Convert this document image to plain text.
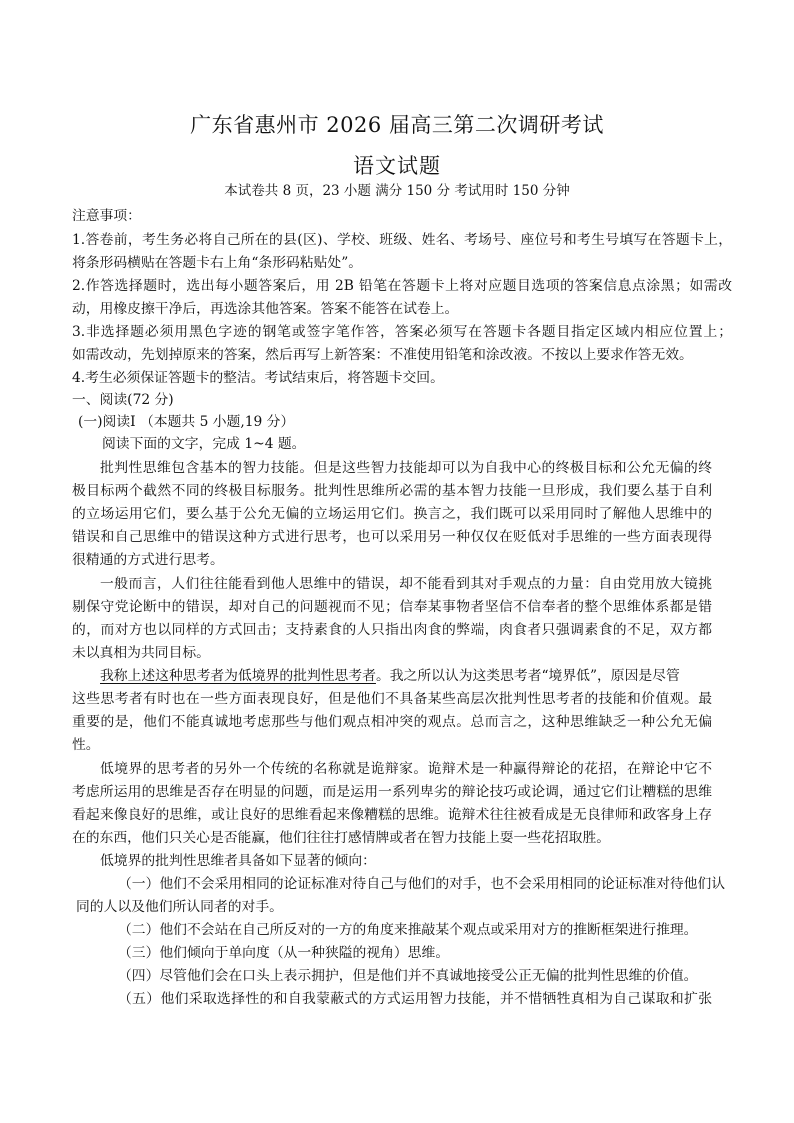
广东省惠州市 2026 届高三第二次调研考试
语文试题
本试卷共 8 页，23 小题 满分 150 分 考试用时 150 分钟
注意事项：
1.答卷前，考生务必将自己所在的县(区)、学校、班级、姓名、考场号、座位号和考生号填写在答题卡上，
将条形码横贴在答题卡右上角“条形码粘贴处”。
2.作答选择题时，选出每小题答案后，用 2B 铅笔在答题卡上将对应题目选项的答案信息点涂黑；如需改
动，用橡皮擦干净后，再选涂其他答案。答案不能答在试卷上。
3.非选择题必须用黑色字迹的钢笔或签字笔作答，答案必须写在答题卡各题目指定区域内相应位置上；
如需改动，先划掉原来的答案，然后再写上新答案：不准使用铅笔和涂改液。不按以上要求作答无效。
4.考生必须保证答题卡的整洁。考试结束后，将答题卡交回。
一、阅读(72 分)
(一)阅读Ⅰ （本题共 5 小题,19 分）
阅读下面的文字，完成 1~4 题。
批判性思维包含基本的智力技能。但是这些智力技能却可以为自我中心的终极目标和公允无偏的终
极目标两个截然不同的终极目标服务。批判性思维所必需的基本智力技能一旦形成，我们要么基于自利
的立场运用它们，要么基于公允无偏的立场运用它们。换言之，我们既可以采用同时了解他人思维中的
错误和自己思维中的错误这种方式进行思考，也可以采用另一种仅仅在贬低对手思维的一些方面表现得
很精通的方式进行思考。
一般而言，人们往往能看到他人思维中的错误，却不能看到其对手观点的力量：自由党用放大镜挑
剔保守党论断中的错误，却对自己的问题视而不见；信奉某事物者坚信不信奉者的整个思维体系都是错
的，而对方也以同样的方式回击；支持素食的人只指出肉食的弊端，肉食者只强调素食的不足，双方都
未以真相为共同目标。
我称上述这种思考者为低境界的批判性思考者。我之所以认为这类思考者“境界低”，原因是尽管
这些思考者有时也在一些方面表现良好，但是他们不具备某些高层次批判性思考者的技能和价值观。最
重要的是，他们不能真诚地考虑那些与他们观点相冲突的观点。总而言之，这种思维缺乏一种公允无偏
性。
低境界的思考者的另外一个传统的名称就是诡辩家。诡辩术是一种赢得辩论的花招，在辩论中它不
考虑所运用的思维是否存在明显的问题，而是运用一系列卑劣的辩论技巧或论调，通过它们让糟糕的思维
看起来像良好的思维，或让良好的思维看起来像糟糕的思维。诡辩术往往被看成是无良律师和政客身上存
在的东西，他们只关心是否能赢，他们往往打感情牌或者在智力技能上耍一些花招取胜。
低境界的批判性思维者具备如下显著的倾向：
（一）他们不会采用相同的论证标准对待自己与他们的对手，也不会采用相同的论证标准对待他们认
同的人以及他们所认同者的对手。
（二）他们不会站在自己所反对的一方的角度来推敲某个观点或采用对方的推断框架进行推理。
（三）他们倾向于单向度（从一种狭隘的视角）思维。
（四）尽管他们会在口头上表示拥护，但是他们并不真诚地接受公正无偏的批判性思维的价值。
（五）他们采取选择性的和自我蒙蔽式的方式运用智力技能，并不惜牺牲真相为自己谋取和扩张
